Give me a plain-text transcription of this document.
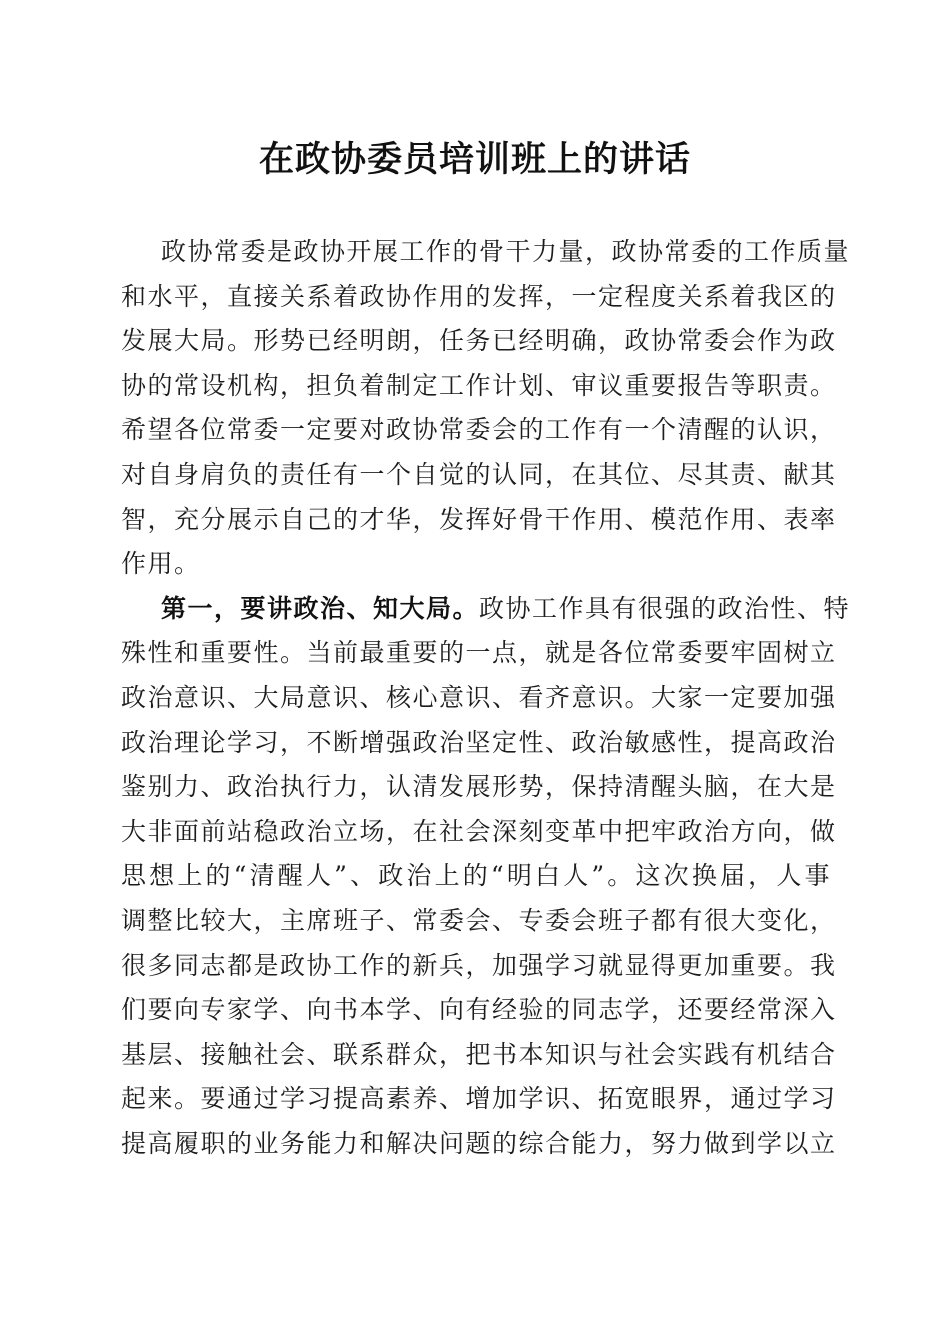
在政协委员培训班上的讲话
政协常委是政协开展工作的骨干力量，政协常委的工作质量
和水平，直接关系着政协作用的发挥，一定程度关系着我区的
发展大局。形势已经明朗，任务已经明确，政协常委会作为政
协的常设机构，担负着制定工作计划、审议重要报告等职责。
希望各位常委一定要对政协常委会的工作有一个清醒的认识，
对自身肩负的责任有一个自觉的认同，在其位、尽其责、献其
智，充分展示自己的才华，发挥好骨干作用、模范作用、表率
作用。
第一，要讲政治、知大局。政协工作具有很强的政治性、特
殊性和重要性。当前最重要的一点，就是各位常委要牢固树立
政治意识、大局意识、核心意识、看齐意识。大家一定要加强
政治理论学习，不断增强政治坚定性、政治敏感性，提高政治
鉴别力、政治执行力，认清发展形势，保持清醒头脑，在大是
大非面前站稳政治立场，在社会深刻变革中把牢政治方向，做
思想上的“清醒人”、政治上的“明白人”。这次换届，人事
调整比较大，主席班子、常委会、专委会班子都有很大变化，
很多同志都是政协工作的新兵，加强学习就显得更加重要。我
们要向专家学、向书本学、向有经验的同志学，还要经常深入
基层、接触社会、联系群众，把书本知识与社会实践有机结合
起来。要通过学习提高素养、增加学识、拓宽眼界，通过学习
提高履职的业务能力和解决问题的综合能力，努力做到学以立
